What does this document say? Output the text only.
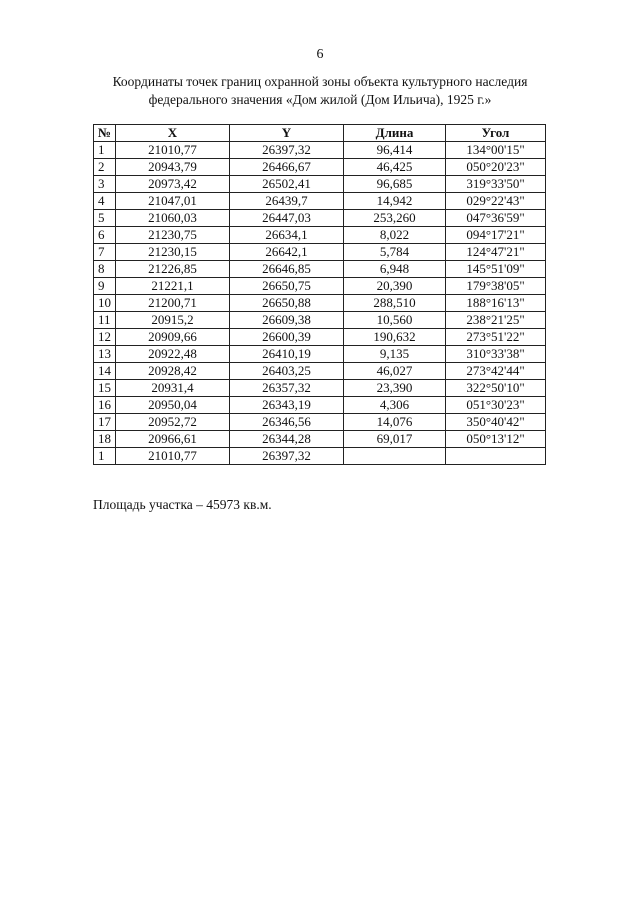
6
Координаты точек границ охранной зоны объекта культурного наследия
федерального значения «Дом жилой (Дом Ильича), 1925 г.»
№	X	Y	Длина	Угол
1	21010,77	26397,32	96,414	134°00'15"
2	20943,79	26466,67	46,425	050°20'23"
3	20973,42	26502,41	96,685	319°33'50"
4	21047,01	26439,7	14,942	029°22'43"
5	21060,03	26447,03	253,260	047°36'59"
6	21230,75	26634,1	8,022	094°17'21"
7	21230,15	26642,1	5,784	124°47'21"
8	21226,85	26646,85	6,948	145°51'09"
9	21221,1	26650,75	20,390	179°38'05"
10	21200,71	26650,88	288,510	188°16'13"
11	20915,2	26609,38	10,560	238°21'25"
12	20909,66	26600,39	190,632	273°51'22"
13	20922,48	26410,19	9,135	310°33'38"
14	20928,42	26403,25	46,027	273°42'44"
15	20931,4	26357,32	23,390	322°50'10"
16	20950,04	26343,19	4,306	051°30'23"
17	20952,72	26346,56	14,076	350°40'42"
18	20966,61	26344,28	69,017	050°13'12"
1	21010,77	26397,32		
Площадь участка – 45973 кв.м.
